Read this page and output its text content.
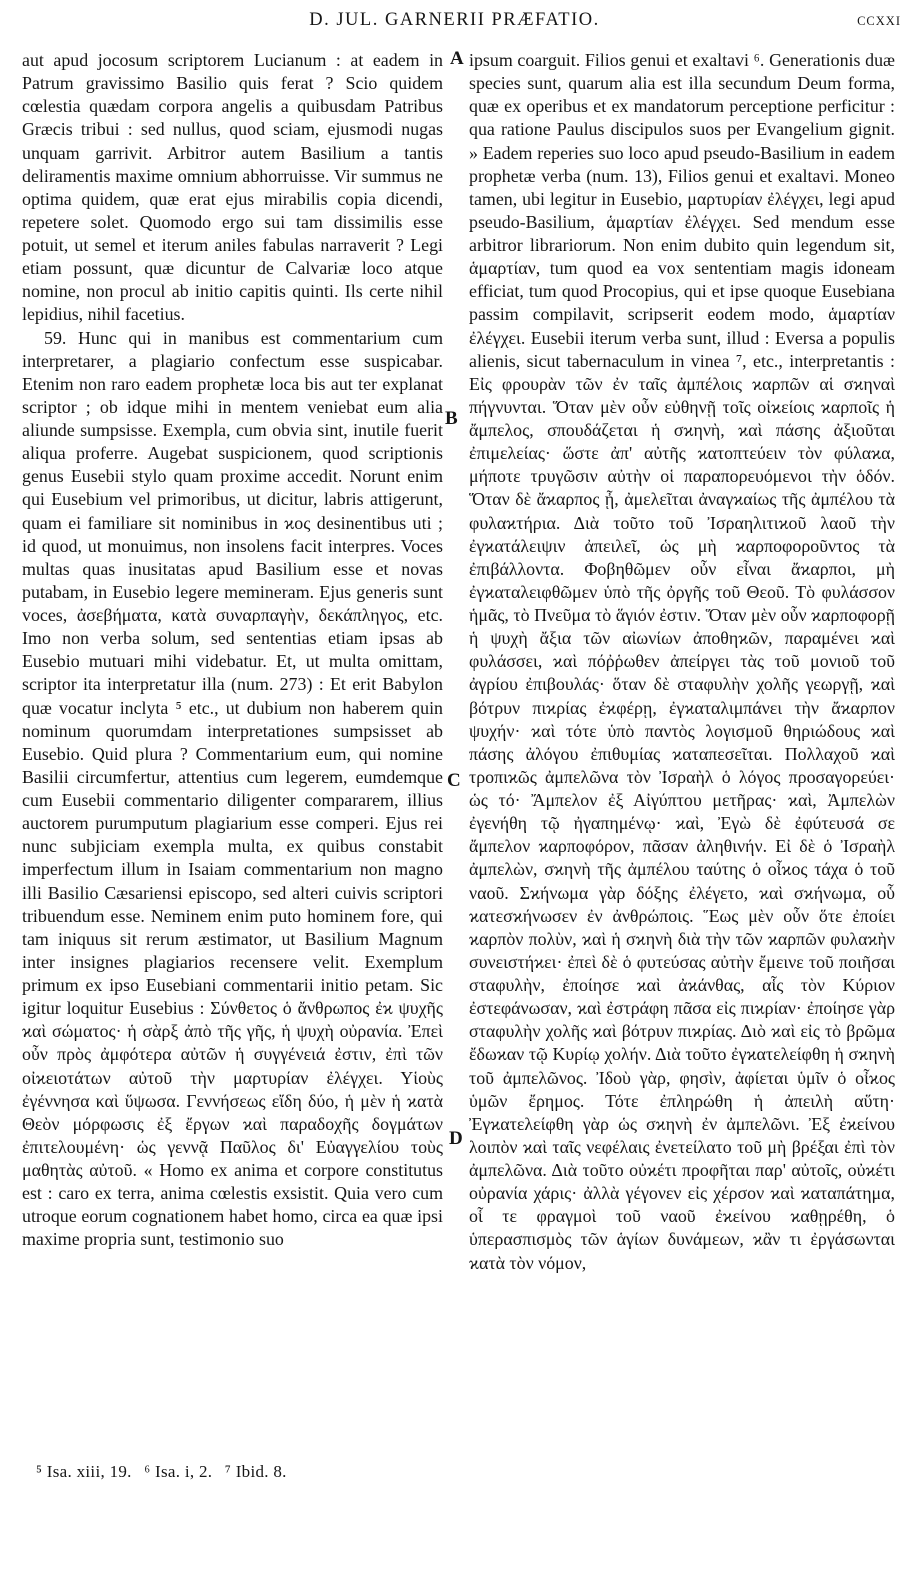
D. JUL. GARNERII PRÆFATIO.	CCXXI

aut apud jocosum scriptorem Lucianum : at eadem in Patrum gravissimo Basilio quis ferat ? Scio quidem cœlestia quædam corpora angelis a quibusdam Patribus Græcis tribui : sed nullus, quod sciam, ejusmodi nugas unquam garrivit. Arbitror autem Basilium a tantis deliramentis maxime omnium abhorruisse. Vir summus ne optima quidem, quæ erat ejus mirabilis copia dicendi, repetere solet. Quomodo ergo sui tam dissimilis esse potuit, ut semel et iterum aniles fabulas narraverit ? Legi etiam possunt, quæ dicuntur de Calvariæ loco atque nomine, non procul ab initio capitis quinti. Ils certe nihil lepidius, nihil facetius.

59. Hunc qui in manibus est commentarium cum interpretarer, a plagiario confectum esse suspicabar. Etenim non raro eadem prophetæ loca bis aut ter explanat scriptor ; ob idque mihi in mentem veniebat eum alia aliunde sumpsisse. Exempla, cum obvia sint, inutile fuerit aliqua proferre. Augebat suspicionem, quod scriptionis genus Eusebii stylo quam proxime accedit. Norunt enim qui Eusebium vel primoribus, ut dicitur, labris attigerunt, quam ei familiare sit nominibus in ϰος desinentibus uti ; id quod, ut monuimus, non insolens facit interpres. Voces multas quas inusitatas apud Basilium esse et novas putabam, in Eusebio legere memineram. Ejus generis sunt voces, ἀσεβήματα, κατὰ συναρπαγὴν, δεκάπληγος, etc. Imo non verba solum, sed sententias etiam ipsas ab Eusebio mutuari mihi videbatur. Et, ut multa omittam, scriptor ita interpretatur illa (num. 273) : Et erit Babylon quæ vocatur inclyta ⁵ etc., ut dubium non haberem quin nominum quorumdam interpretationes sumpsisset ab Eusebio. Quid plura ? Commentarium eum, qui nomine Basilii circumfertur, attentius cum legerem, eumdemque cum Eusebii commentario diligenter compararem, illius auctorem purumputum plagiarium esse comperi. Ejus rei nunc subjiciam exempla multa, ex quibus constabit imperfectum illum in Isaiam commentarium non magno illi Basilio Cæsariensi episcopo, sed alteri cuivis scriptori tribuendum esse. Neminem enim puto hominem fore, qui tam iniquus sit rerum æstimator, ut Basilium Magnum inter insignes plagiarios recensere velit. Exemplum primum ex ipso Eusebiani commentarii initio petam. Sic igitur loquitur Eusebius : Σύνθετος ὁ ἄνθρωπος ἐϰ ψυχῆς ϰαὶ σώματος· ἡ σὰρξ ἀπὸ τῆς γῆς, ἡ ψυχὴ οὐρανία. Ἐπεὶ οὖν πρὸς ἀμφότερα αὐτῶν ἡ συγγένειά ἐστιν, ἐπὶ τῶν οἰϰειοτάτων αὐτοῦ τὴν μαρτυρίαν ἐλέγχει. Υἱοὺς ἐγέννησα καὶ ὕψωσα. Γεννήσεως εἴδη δύο, ἡ μὲν ἡ ϰατὰ Θεὸν μόρφωσις ἐξ ἔργων ϰαὶ παραδοχῆς δογμάτων ἐπιτελουμένη· ὡς γεννᾷ Παῦλος δι' Εὐαγγελίου τοὺς μαθητὰς αὐτοῦ. « Homo ex anima et corpore constitutus est : caro ex terra, anima cœlestis exsistit. Quia vero cum utroque eorum cognationem habet homo, circa ea quæ ipsi maxime propria sunt, testimonio suo

ipsum coarguit. Filios genui et exaltavi ⁶. Generationis duæ species sunt, quarum alia est illa secundum Deum forma, quæ ex operibus et ex mandatorum perceptione perficitur : qua ratione Paulus discipulos suos per Evangelium gignit. » Eadem reperies suo loco apud pseudo-Basilium in eadem prophetæ verba (num. 13), Filios genui et exaltavi. Moneo tamen, ubi legitur in Eusebio, μαρτυρίαν ἐλέγχει, legi apud pseudo-Basilium, ἁμαρτίαν ἐλέγχει. Sed mendum esse arbitror librariorum. Non enim dubito quin legendum sit, ἁμαρτίαν, tum quod ea vox sententiam magis idoneam efficiat, tum quod Procopius, qui et ipse quoque Eusebiana passim compilavit, scripserit eodem modo, ἁμαρτίαν ἐλέγχει. Eusebii iterum verba sunt, illud : Eversa a populis alienis, sicut tabernaculum in vinea ⁷, etc., interpretantis : Εἰς φρουρὰν τῶν ἐν ταῖς ἀμπέλοις ϰαρπῶν αἱ σϰηναὶ πήγνυνται. Ὅταν μὲν οὖν εὐθηνῇ τοῖς οἰϰείοις ϰαρποῖς ἡ ἄμπελος, σπουδάζεται ἡ σϰηνὴ, ϰαὶ πάσης ἀξιοῦται ἐπιμελείας· ὥστε ἀπ' αὐτῆς ϰατοπτεύειν τὸν φύλαϰα, μήποτε τρυγῶσιν αὐτὴν οἱ παραπορευόμενοι τὴν ὁδόν. Ὅταν δὲ ἄϰαρπος ᾖ, ἀμελεῖται ἀναγϰαίως τῆς ἀμπέλου τὰ φυλαϰτήρια. Διὰ τοῦτο τοῦ Ἰσραηλιτιϰοῦ λαοῦ τὴν ἐγϰατάλειψιν ἀπειλεῖ, ὡς μὴ ϰαρποφοροῦντος τὰ ἐπιβάλλοντα. Φοβηθῶμεν οὖν εἶναι ἄϰαρποι, μὴ ἐγϰαταλειφθῶμεν ὑπὸ τῆς ὀργῆς τοῦ Θεοῦ. Τὸ φυλάσσον ἡμᾶς, τὸ Πνεῦμα τὸ ἅγιόν ἐστιν. Ὅταν μὲν οὖν ϰαρποφορῇ ἡ ψυχὴ ἄξια τῶν αἰωνίων ἀποθηϰῶν, παραμένει ϰαὶ φυλάσσει, ϰαὶ πόῤῥωθεν ἀπείργει τὰς τοῦ μονιοῦ τοῦ ἀγρίου ἐπιβουλάς· ὅταν δὲ σταφυλὴν χολῆς γεωργῇ, ϰαὶ βότρυν πιϰρίας ἐϰφέρῃ, ἐγϰαταλιμπάνει τὴν ἄϰαρπον ψυχήν· ϰαὶ τότε ὑπὸ παντὸς λογισμοῦ θηριώδους ϰαὶ πάσης ἀλόγου ἐπιθυμίας ϰαταπεσεῖται. Πολλαχοῦ ϰαὶ τροπιϰῶς ἀμπελῶνα τὸν Ἰσραὴλ ὁ λόγος προσαγορεύει· ὡς τό· Ἄμπελον ἐξ Αἰγύπτου μετῆρας· ϰαὶ, Ἀμπελὼν ἐγενήθη τῷ ἠγαπημένῳ· ϰαὶ, Ἐγὼ δὲ ἐφύτευσά σε ἄμπελον ϰαρποφόρον, πᾶσαν ἀληθινήν. Εἰ δὲ ὁ Ἰσραὴλ ἀμπελὼν, σϰηνὴ τῆς ἀμπέλου ταύτης ὁ οἶϰος τάχα ὁ τοῦ ναοῦ. Σϰήνωμα γὰρ δόξης ἐλέγετο, ϰαὶ σϰήνωμα, οὗ ϰατεσϰήνωσεν ἐν ἀνθρώποις. Ἕως μὲν οὖν ὅτε ἐποίει ϰαρπὸν πολὺν, ϰαὶ ἡ σϰηνὴ διὰ τὴν τῶν ϰαρπῶν φυλαϰὴν συνειστήϰει· ἐπεὶ δὲ ὁ φυτεύσας αὐτὴν ἔμεινε τοῦ ποιῆσαι σταφυλὴν, ἐποίησε ϰαὶ ἀϰάνθας, αἷς τὸν Κύριον ἐστεφάνωσαν, ϰαὶ ἐστράφη πᾶσα εἰς πιϰρίαν· ἐποίησε γὰρ σταφυλὴν χολῆς ϰαὶ βότρυν πιϰρίας. Διὸ ϰαὶ εἰς τὸ βρῶμα ἔδωϰαν τῷ Κυρίῳ χολήν. Διὰ τοῦτο ἐγϰατελείφθη ἡ σϰηνὴ τοῦ ἀμπελῶνος. Ἰδοὺ γὰρ, φησὶν, ἀφίεται ὑμῖν ὁ οἶϰος ὑμῶν ἔρημος. Τότε ἐπληρώθη ἡ ἀπειλὴ αὕτη· Ἐγϰατελείφθη γὰρ ὡς σϰηνὴ ἐν ἀμπελῶνι. Ἐξ ἐϰείνου λοιπὸν ϰαὶ ταῖς νεφέλαις ἐνετείλατο τοῦ μὴ βρέξαι ἐπὶ τὸν ἀμπελῶνα. Διὰ τοῦτο οὐϰέτι προφῆται παρ' αὐτοῖς, οὐϰέτι οὐρανία χάρις· ἀλλὰ γέγονεν εἰς χέρσον ϰαὶ ϰαταπάτημα, οἷ τε φραγμοὶ τοῦ ναοῦ ἐϰείνου ϰαθῃρέθη, ὁ ὑπερασπισμὸς τῶν ἁγίων δυνάμεων, ϰἂν τι ἐργάσωνται ϰατὰ τὸν νόμον,

A
B
C
D
⁵ Isa. xiii, 19. ⁶ Isa. i, 2. ⁷ Ibid. 8.
